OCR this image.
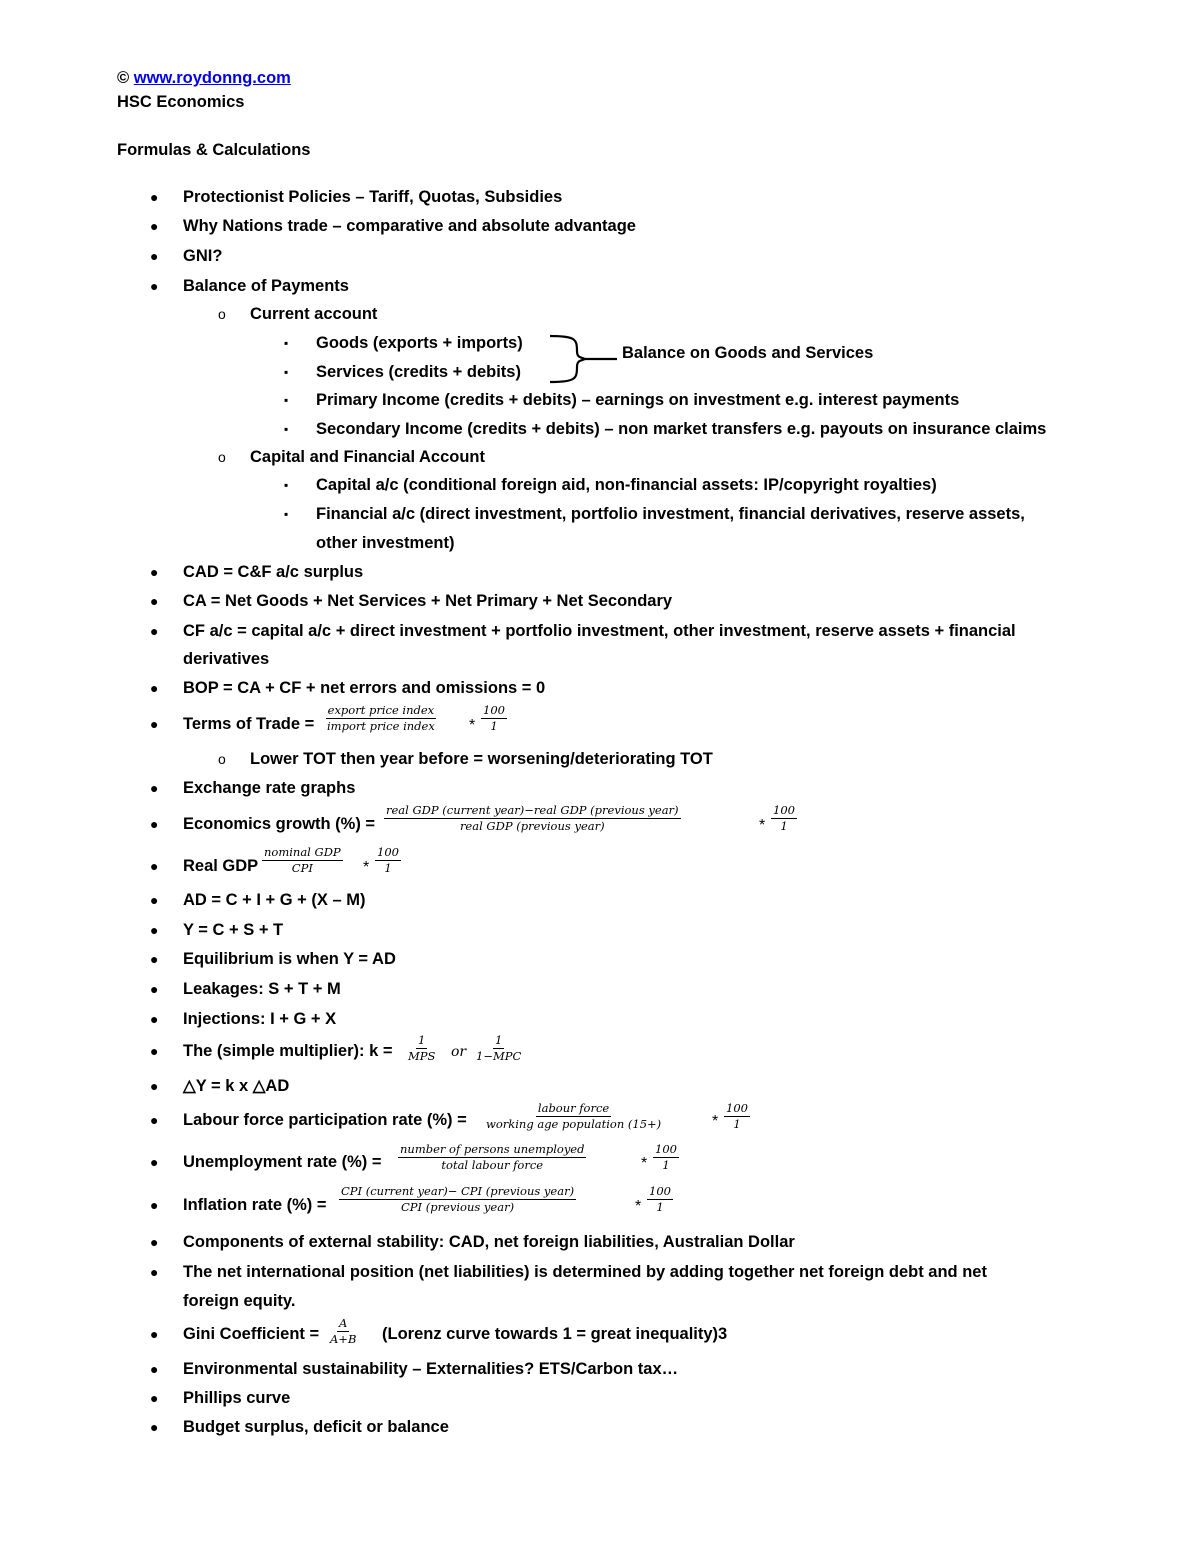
© www.roydonng.com
HSC Economics
Formulas & Calculations
● Protectionist Policies – Tariff, Quotas, Subsidies
● Why Nations trade – comparative and absolute advantage
● GNI?
● Balance of Payments
o Current account
▪ Goods (exports + imports)
▪ Services (credits + debits)
Balance on Goods and Services
▪ Primary Income (credits + debits) – earnings on investment e.g. interest payments
▪ Secondary Income (credits + debits) – non market transfers e.g. payouts on insurance claims
o Capital and Financial Account
▪ Capital a/c (conditional foreign aid, non-financial assets: IP/copyright royalties)
▪ Financial a/c (direct investment, portfolio investment, financial derivatives, reserve assets,
other investment)
● CAD = C&F a/c surplus
● CA = Net Goods + Net Services + Net Primary + Net Secondary
● CF a/c = capital a/c + direct investment + portfolio investment, other investment, reserve assets + financial
derivatives
● BOP = CA + CF + net errors and omissions = 0
● Terms of Trade =
export price index
import price index * $\frac{100}{1}$
o Lower TOT then year before = worsening/deteriorating TOT
● Exchange rate graphs
● Economics growth (%) =
real GDP (current year)−real GDP (previous year)
real GDP (previous year)	* $\frac{100}{1}$
● Real GDP
nominal GDP
CPI	* $\frac{100}{1}$
● AD = C + I + G + (X – M)
● Y = C + S + T
● Equilibrium is when Y = AD
● Leakages: S + T + M
● Injections: I + G + X
● The (simple multiplier): k =
1
MPS or
1
1−MPC
● △Y = k x △AD
● Labour force participation rate (%) =
labour force
working age population (15+)	* $\frac{100}{1}$
● Unemployment rate (%) =
number of persons unemployed
total labour force	* $\frac{100}{1}$
● Inflation rate (%) =
CPI (current year)− CPI (previous year)
CPI (previous year)	* $\frac{100}{1}$
● Components of external stability: CAD, net foreign liabilities, Australian Dollar
● The net international position (net liabilities) is determined by adding together net foreign debt and net
foreign equity.
● Gini Coefficient = $\frac{A}{A+B}$ (Lorenz curve towards 1 = great inequality)3
● Environmental sustainability – Externalities? ETS/Carbon tax…
● Phillips curve
● Budget surplus, deficit or balance
